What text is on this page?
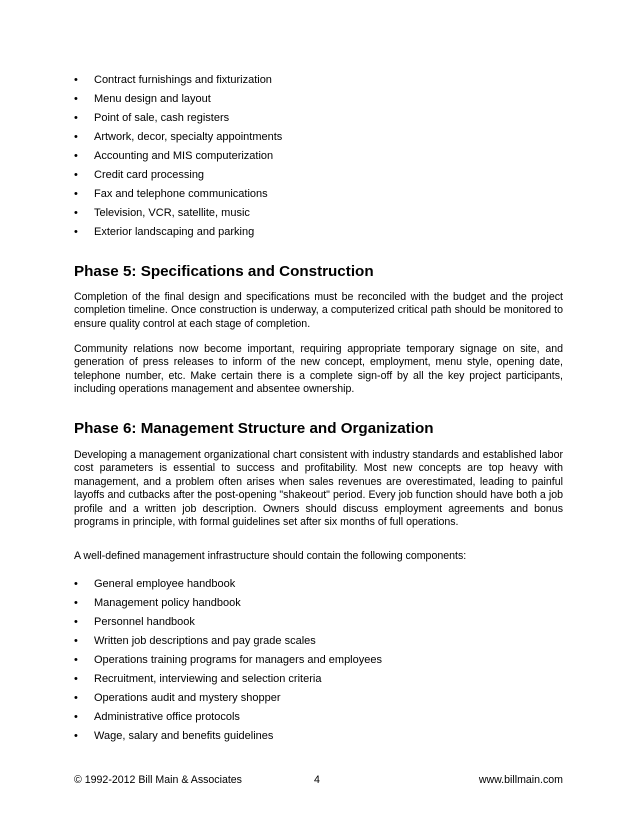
• Contract furnishings and fixturization
• Menu design and layout
• Point of sale, cash registers
• Artwork, decor, specialty appointments
• Accounting and MIS computerization
• Credit card processing
• Fax and telephone communications
• Television, VCR, satellite, music
• Exterior landscaping and parking
Phase 5: Specifications and Construction

Completion of the final design and specifications must be reconciled with the budget and the project completion timeline. Once construction is underway, a computerized critical path should be monitored to ensure quality control at each stage of completion.

Community relations now become important, requiring appropriate temporary signage on site, and generation of press releases to inform of the new concept, employment, menu style, opening date, telephone number, etc. Make certain there is a complete sign-off by all the key project participants, including operations management and absentee ownership.

Phase 6: Management Structure and Organization

Developing a management organizational chart consistent with industry standards and established labor cost parameters is essential to success and profitability. Most new concepts are top heavy with management, and a problem often arises when sales revenues are overestimated, leading to painful layoffs and cutbacks after the post-opening "shakeout" period. Every job function should have both a job profile and a written job description. Owners should discuss employment agreements and bonus programs in principle, with formal guidelines set after six months of full operations.

A well-defined management infrastructure should contain the following components:

• General employee handbook
• Management policy handbook
• Personnel handbook
• Written job descriptions and pay grade scales
• Operations training programs for managers and employees
• Recruitment, interviewing and selection criteria
• Operations audit and mystery shopper
• Administrative office protocols
• Wage, salary and benefits guidelines
© 1992-2012 Bill Main & Associates	4	www.billmain.com
